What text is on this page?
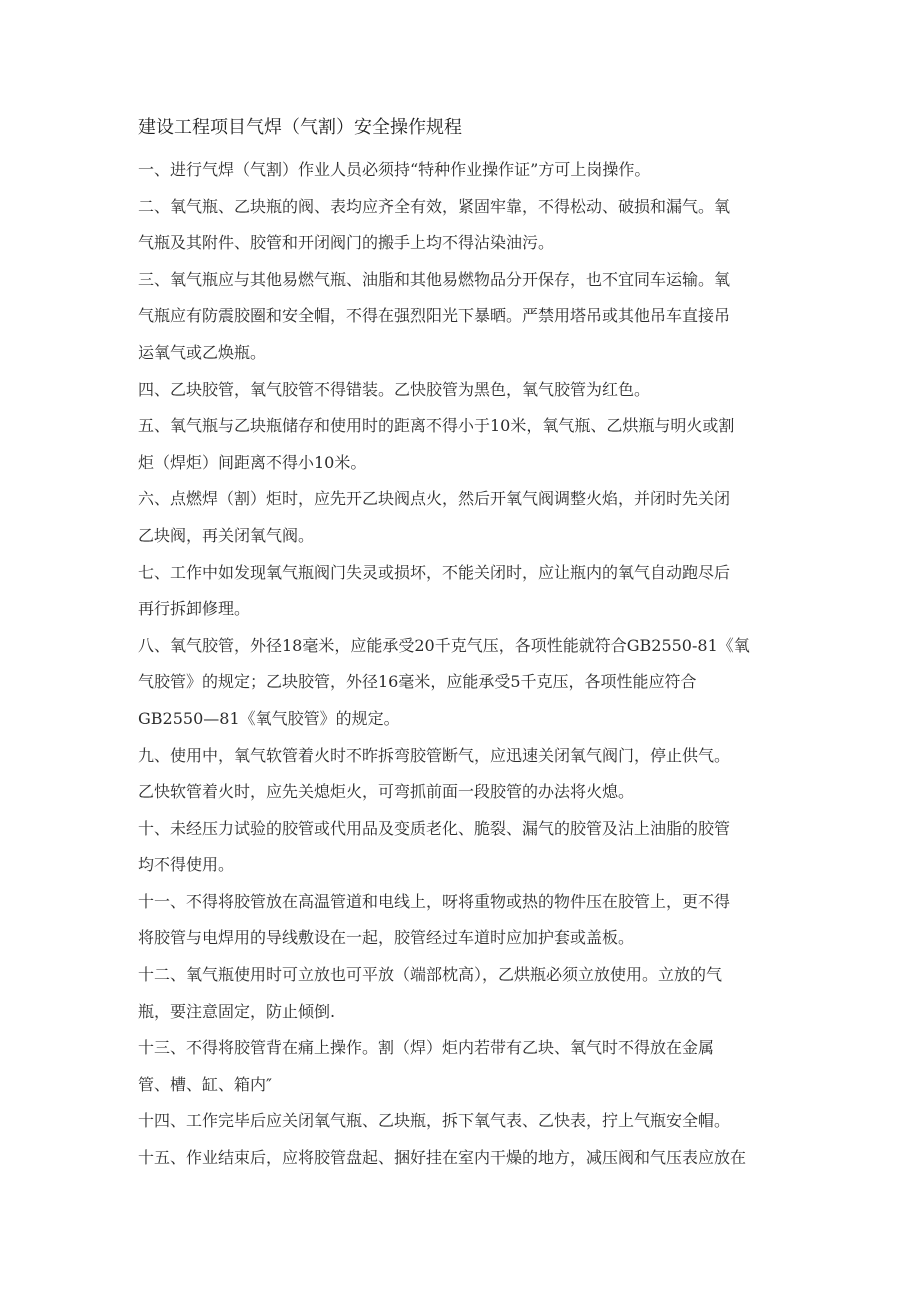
建设工程项目气焊（气割）安全操作规程

一、进行气焊（气割）作业人员必须持“特种作业操作证”方可上岗操作。

二、氧气瓶、乙块瓶的阀、表均应齐全有效，紧固牢靠，不得松动、破损和漏气。氧
气瓶及其附件、胶管和开闭阀门的搬手上均不得沾染油污。

三、氧气瓶应与其他易燃气瓶、油脂和其他易燃物品分开保存，也不宜同车运输。氧
气瓶应有防震胶圈和安全帽，不得在强烈阳光下暴晒。严禁用塔吊或其他吊车直接吊
运氧气或乙焕瓶。

四、乙块胶管，氧气胶管不得错装。乙快胶管为黑色，氧气胶管为红色。

五、氧气瓶与乙块瓶储存和使用时的距离不得小于10米，氧气瓶、乙烘瓶与明火或割
炬（焊炬）间距离不得小10米。

六、点燃焊（割）炬时，应先开乙块阀点火，然后开氧气阀调整火焰，并闭时先关闭
乙块阀，再关闭氧气阀。

七、工作中如发现氧气瓶阀门失灵或损坏，不能关闭时，应让瓶内的氧气自动跑尽后
再行拆卸修理。

八、氧气胶管，外径18毫米，应能承受20千克气压，各项性能就符合GB2550-81《氧
气胶管》的规定；乙块胶管，外径16毫米，应能承受5千克压，各项性能应符合
GB2550—81《氧气胶管》的规定。

九、使用中，氧气软管着火时不昨拆弯胶管断气，应迅速关闭氧气阀门，停止供气。
乙快软管着火时，应先关熄炬火，可弯抓前面一段胶管的办法将火熄。

十、未经压力试验的胶管或代用品及变质老化、脆裂、漏气的胶管及沾上油脂的胶管
均不得使用。

十一、不得将胶管放在高温管道和电线上，呀将重物或热的物件压在胶管上，更不得
将胶管与电焊用的导线敷设在一起，胶管经过车道时应加护套或盖板。

十二、氧气瓶使用时可立放也可平放（端部枕高），乙烘瓶必须立放使用。立放的气
瓶，要注意固定，防止倾倒.

十三、不得将胶管背在痛上操作。割（焊）炬内若带有乙块、氧气时不得放在金属
管、槽、缸、箱内″

十四、工作完毕后应关闭氧气瓶、乙块瓶，拆下氧气表、乙快表，拧上气瓶安全帽。

十五、作业结束后，应将胶管盘起、捆好挂在室内干燥的地方，减压阀和气压表应放在
